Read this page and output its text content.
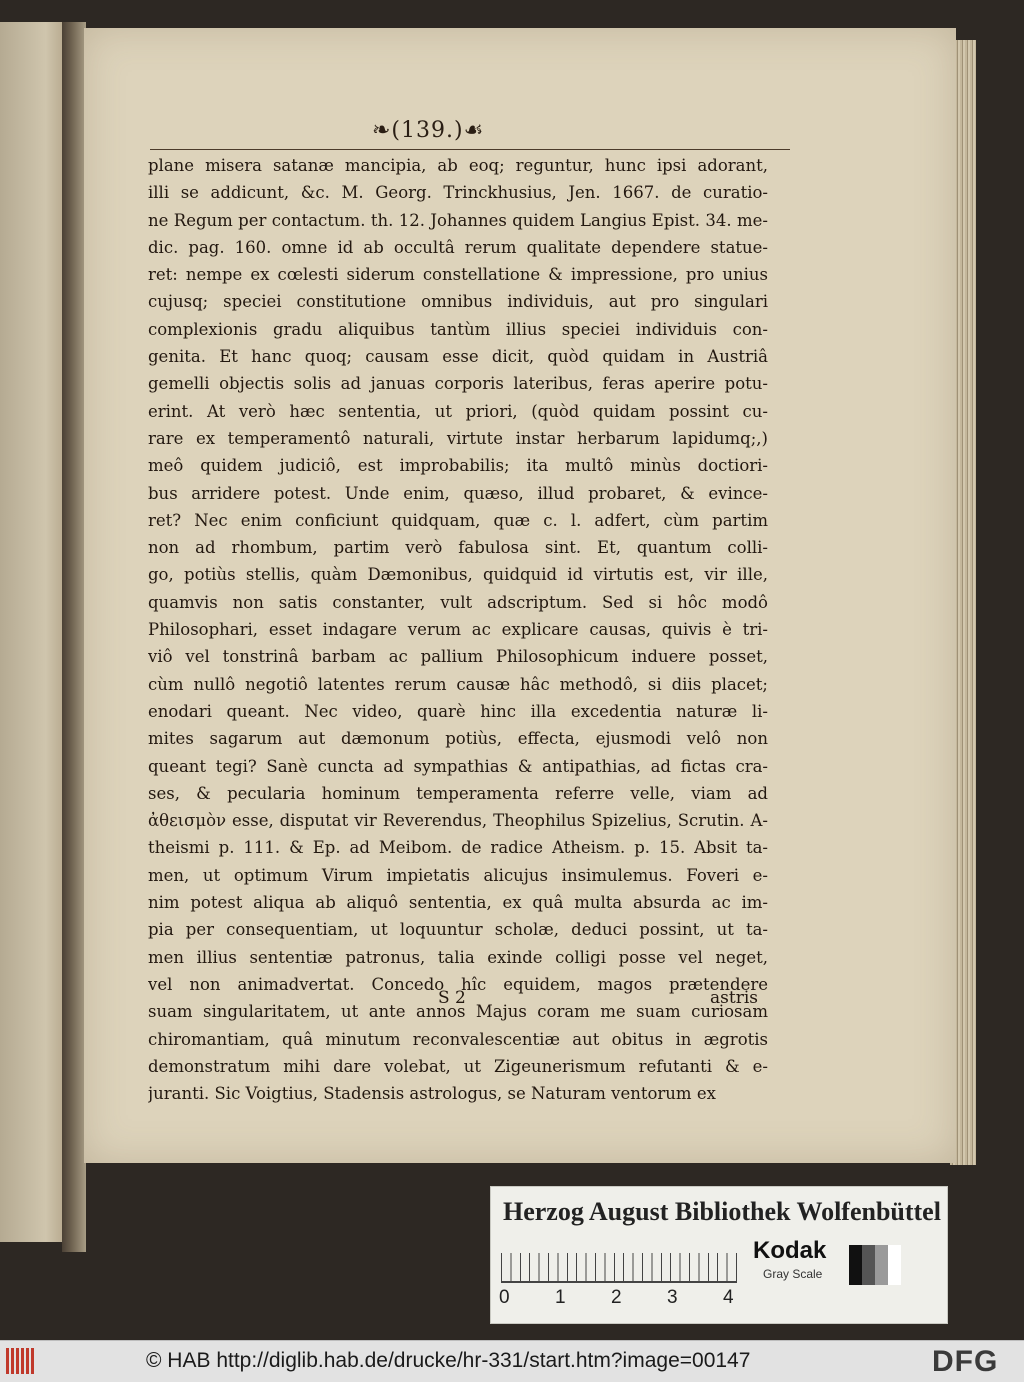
❧(139.)☙
plane misera satanæ mancipia, ab eoq; reguntur, hunc ipsi adorant,
illi se addicunt, &c. M. Georg. Trinckhusius, Jen. 1667. de curatio-
ne Regum per contactum. th. 12. Johannes quidem Langius Epist. 34. me-
dic. pag. 160. omne id ab occultâ rerum qualitate dependere statue-
ret: nempe ex cœlesti siderum constellatione & impressione, pro unius
cujusq; speciei constitutione omnibus individuis, aut pro singulari
complexionis gradu aliquibus tantùm illius speciei individuis con-
genita. Et hanc quoq; causam esse dicit, quòd quidam in Austriâ
gemelli objectis solis ad januas corporis lateribus, feras aperire potu-
erint. At verò hæc sententia, ut priori, (quòd quidam possint cu-
rare ex temperamentô naturali, virtute instar herbarum lapidumq;,)
meô quidem judiciô, est improbabilis; ita multô minùs doctiori-
bus arridere potest. Unde enim, quæso, illud probaret, & evince-
ret? Nec enim conficiunt quidquam, quæ c. l. adfert, cùm partim
non ad rhombum, partim verò fabulosa sint. Et, quantum colli-
go, potiùs stellis, quàm Dæmonibus, quidquid id virtutis est, vir ille,
quamvis non satis constanter, vult adscriptum. Sed si hôc modô
Philosophari, esset indagare verum ac explicare causas, quivis è tri-
viô vel tonstrinâ barbam ac pallium Philosophicum induere posset,
cùm nullô negotiô latentes rerum causæ hâc methodô, si diis placet;
enodari queant. Nec video, quarè hinc illa excedentia naturæ li-
mites sagarum aut dæmonum potiùs, effecta, ejusmodi velô non
queant tegi? Sanè cuncta ad sympathias & antipathias, ad fictas cra-
ses, & pecularia hominum temperamenta referre velle, viam ad
ἀθεισμὸν esse, disputat vir Reverendus, Theophilus Spizelius, Scrutin. A-
theismi p. 111. & Ep. ad Meibom. de radice Atheism. p. 15. Absit ta-
men, ut optimum Virum impietatis alicujus insimulemus. Foveri e-
nim potest aliqua ab aliquô sententia, ex quâ multa absurda ac im-
pia per consequentiam, ut loquuntur scholæ, deduci possint, ut ta-
men illius sententiæ patronus, talia exinde colligi posse vel neget,
vel non animadvertat. Concedo hîc equidem, magos prætendere
suam singularitatem, ut ante annos Majus coram me suam curiosam
chiromantiam, quâ minutum reconvalescentiæ aut obitus in ægrotis
demonstratum mihi dare volebat, ut Zigeunerismum refutanti & e-
juranti. Sic Voigtius, Stadensis astrologus, se Naturam ventorum ex
S 2	astris
Herzog August Bibliothek Wolfenbüttel
0 1 2 3 4
Kodak
Gray Scale
© HAB http://diglib.hab.de/drucke/hr-331/start.htm?image=00147	DFG
